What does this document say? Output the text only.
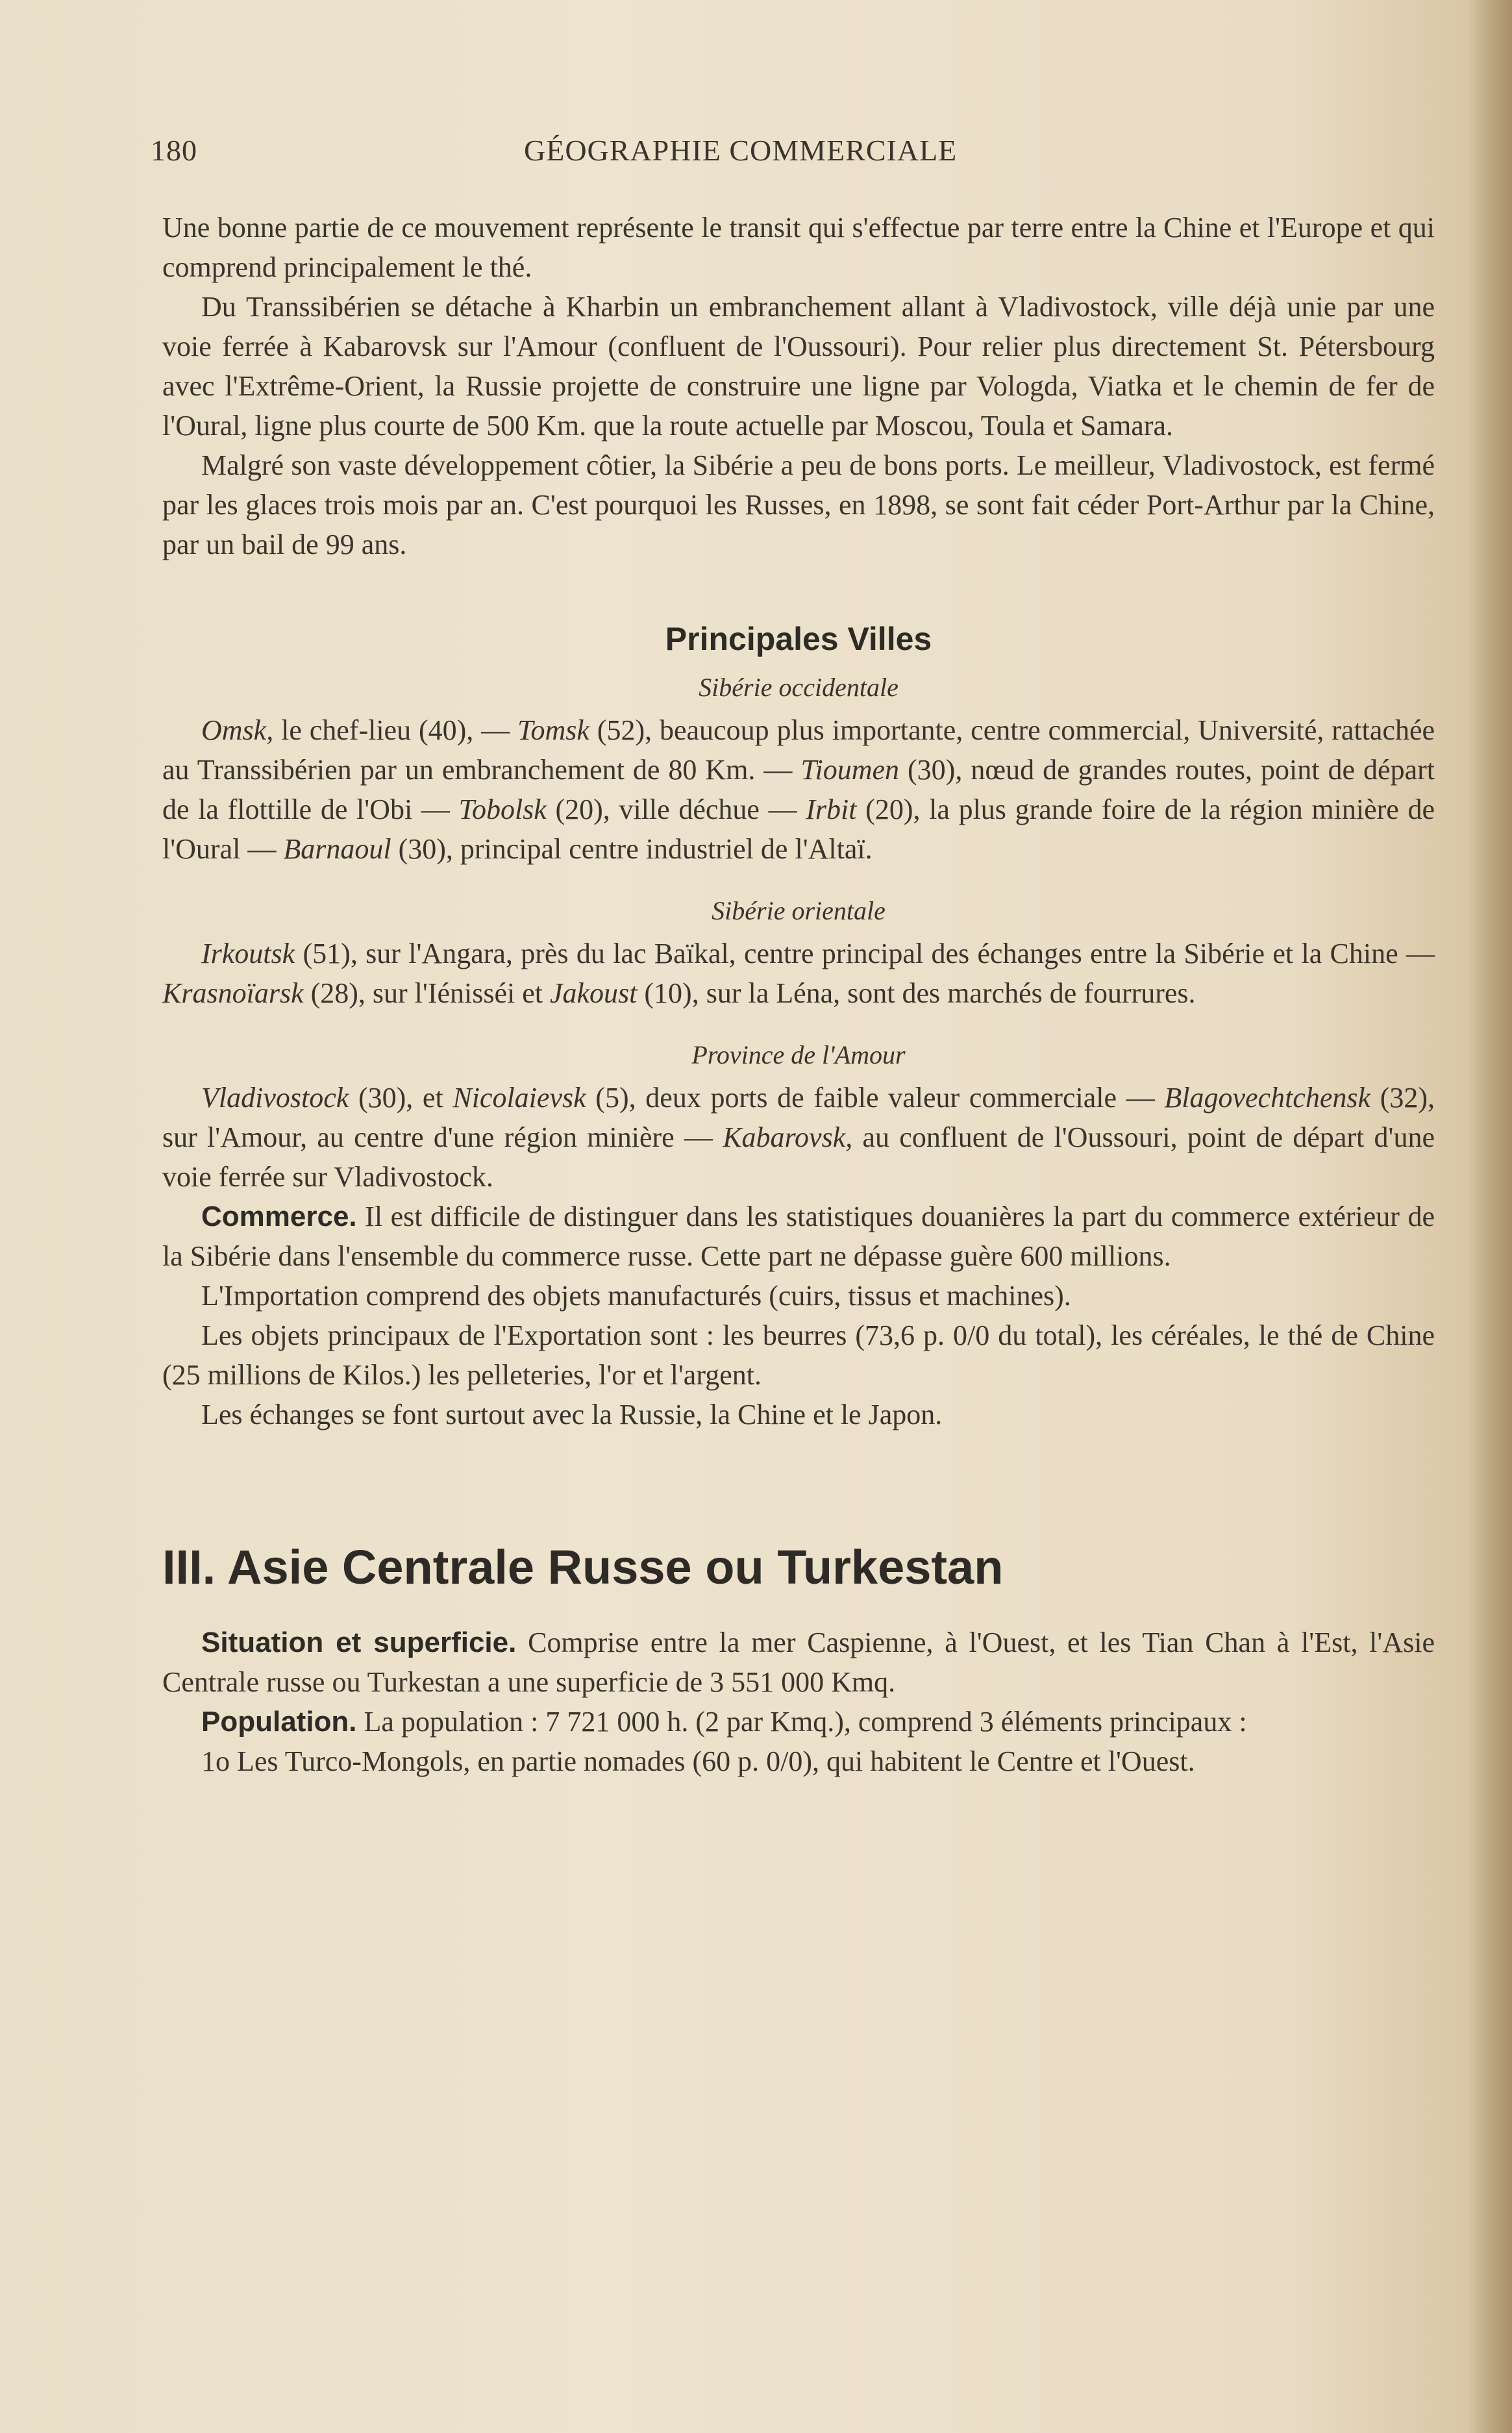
180	GÉOGRAPHIE COMMERCIALE

Une bonne partie de ce mouvement représente le transit qui s'effectue par terre entre la Chine et l'Europe et qui comprend principalement le thé.

Du Transsibérien se détache à Kharbin un embranchement allant à Vladivostock, ville déjà unie par une voie ferrée à Kabarovsk sur l'Amour (confluent de l'Oussouri). Pour relier plus directement St. Pétersbourg avec l'Extrême-Orient, la Russie projette de construire une ligne par Vologda, Viatka et le chemin de fer de l'Oural, ligne plus courte de 500 Km. que la route actuelle par Moscou, Toula et Samara.

Malgré son vaste développement côtier, la Sibérie a peu de bons ports. Le meilleur, Vladivostock, est fermé par les glaces trois mois par an. C'est pourquoi les Russes, en 1898, se sont fait céder Port-Arthur par la Chine, par un bail de 99 ans.

Principales Villes
Sibérie occidentale

Omsk, le chef-lieu (40), — Tomsk (52), beaucoup plus importante, centre commercial, Université, rattachée au Transsibérien par un embranchement de 80 Km. — Tioumen (30), nœud de grandes routes, point de départ de la flottille de l'Obi — Tobolsk (20), ville déchue — Irbit (20), la plus grande foire de la région minière de l'Oural — Barnaoul (30), principal centre industriel de l'Altaï.

Sibérie orientale

Irkoutsk (51), sur l'Angara, près du lac Baïkal, centre principal des échanges entre la Sibérie et la Chine — Krasnoïarsk (28), sur l'Iénisséi et Jakoust (10), sur la Léna, sont des marchés de fourrures.

Province de l'Amour

Vladivostock (30), et Nicolaievsk (5), deux ports de faible valeur commerciale — Blagovechtchensk (32), sur l'Amour, au centre d'une région minière — Kabarovsk, au confluent de l'Oussouri, point de départ d'une voie ferrée sur Vladivostock.

Commerce. Il est difficile de distinguer dans les statistiques douanières la part du commerce extérieur de la Sibérie dans l'ensemble du commerce russe. Cette part ne dépasse guère 600 millions.

L'Importation comprend des objets manufacturés (cuirs, tissus et machines).

Les objets principaux de l'Exportation sont : les beurres (73,6 p. 0/0 du total), les céréales, le thé de Chine (25 millions de Kilos.) les pelleteries, l'or et l'argent.

Les échanges se font surtout avec la Russie, la Chine et le Japon.

III. Asie Centrale Russe ou Turkestan

Situation et superficie. Comprise entre la mer Caspienne, à l'Ouest, et les Tian Chan à l'Est, l'Asie Centrale russe ou Turkestan a une superficie de 3 551 000 Kmq.

Population. La population : 7 721 000 h. (2 par Kmq.), comprend 3 éléments principaux :

1o Les Turco-Mongols, en partie nomades (60 p. 0/0), qui habitent le Centre et l'Ouest.
